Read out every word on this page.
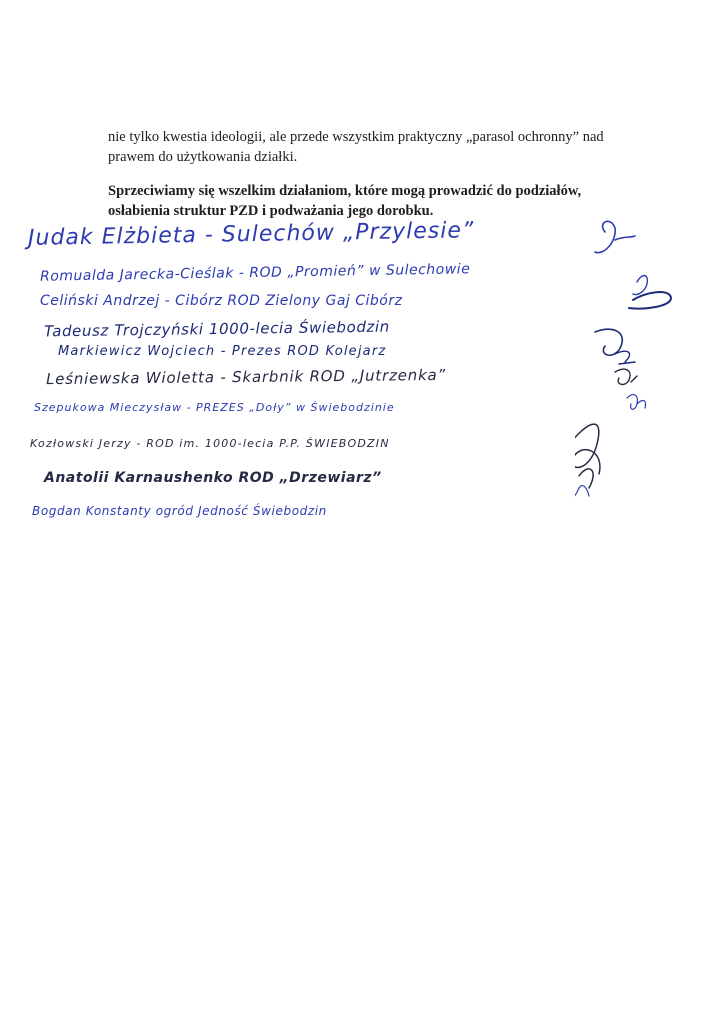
nie tylko kwestia ideologii, ale przede wszystkim praktyczny „parasol ochronny” nad prawem do użytkowania działki.
Sprzeciwiamy się wszelkim działaniom, które mogą prowadzić do podziałów, osłabienia struktur PZD i podważania jego dorobku.
Judak Elżbieta - Sulechów „Przylesie”
Romualda Jarecka-Cieślak - ROD „Promień” w Sulechowie
Celiński Andrzej - Cibórz ROD Zielony Gaj Cibórz
Tadeusz Trojczyński 1000-lecia Świebodzin
Markiewicz Wojciech - Prezes ROD Kolejarz
Leśniewska Wioletta - Skarbnik ROD „Jutrzenka”
Szepukowa Mieczysław - PREZES „Doły” w Świebodzinie
Kozłowski Jerzy - ROD im. 1000-lecia P.P. ŚWIEBODZIN
Anatolii Karnaushenko ROD „Drzewiarz”
Bogdan Konstanty ogród Jedność Świebodzin
